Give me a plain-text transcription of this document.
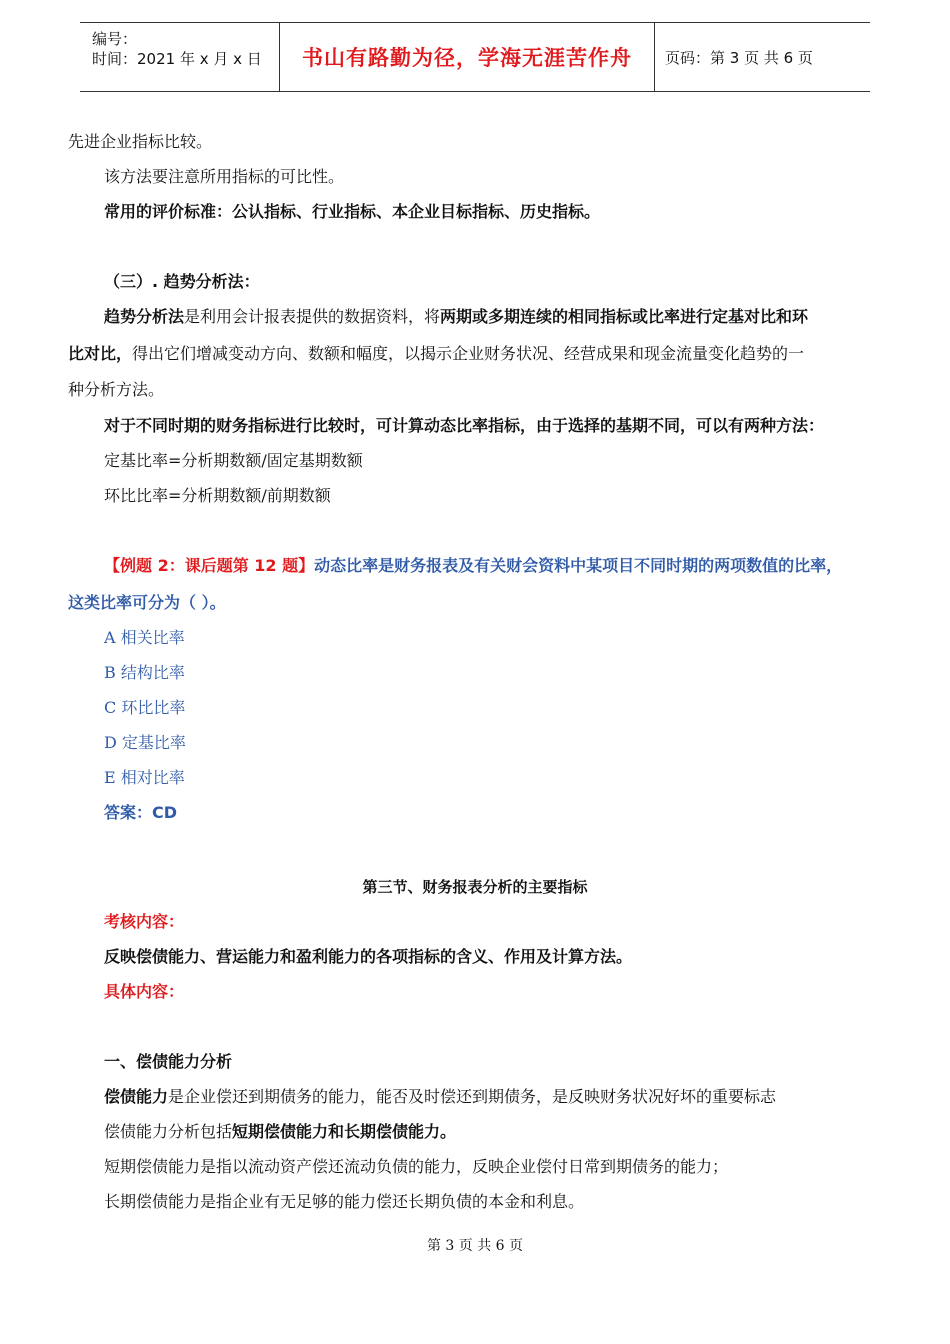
编号：
时间：2021 年 x 月 x 日	书山有路勤为径，学海无涯苦作舟 页码：第 3 页 共 6 页
先进企业指标比较。
该方法要注意所用指标的可比性。
常用的评价标准：公认指标、行业指标、本企业目标指标、历史指标。
（三）. 趋势分析法：
趋势分析法是利用会计报表提供的数据资料，将两期或多期连续的相同指标或比率进行定基对比和环
比对比，得出它们增减变动方向、数额和幅度，以揭示企业财务状况、经营成果和现金流量变化趋势的一
种分析方法。
对于不同时期的财务指标进行比较时，可计算动态比率指标，由于选择的基期不同，可以有两种方法：
定基比率=分析期数额/固定基期数额
环比比率=分析期数额/前期数额
【例题 2：课后题第 12 题】动态比率是财务报表及有关财会资料中某项目不同时期的两项数值的比率，
这类比率可分为（ ）。
A 相关比率
B 结构比率
C 环比比率
D 定基比率
E 相对比率
答案：CD
第三节、财务报表分析的主要指标
考核内容：
反映偿债能力、营运能力和盈利能力的各项指标的含义、作用及计算方法。
具体内容：
一、偿债能力分析
偿债能力是企业偿还到期债务的能力，能否及时偿还到期债务，是反映财务状况好坏的重要标志
偿债能力分析包括短期偿债能力和长期偿债能力。
短期偿债能力是指以流动资产偿还流动负债的能力，反映企业偿付日常到期债务的能力；
长期偿债能力是指企业有无足够的能力偿还长期负债的本金和利息。
第 3 页 共 6 页
